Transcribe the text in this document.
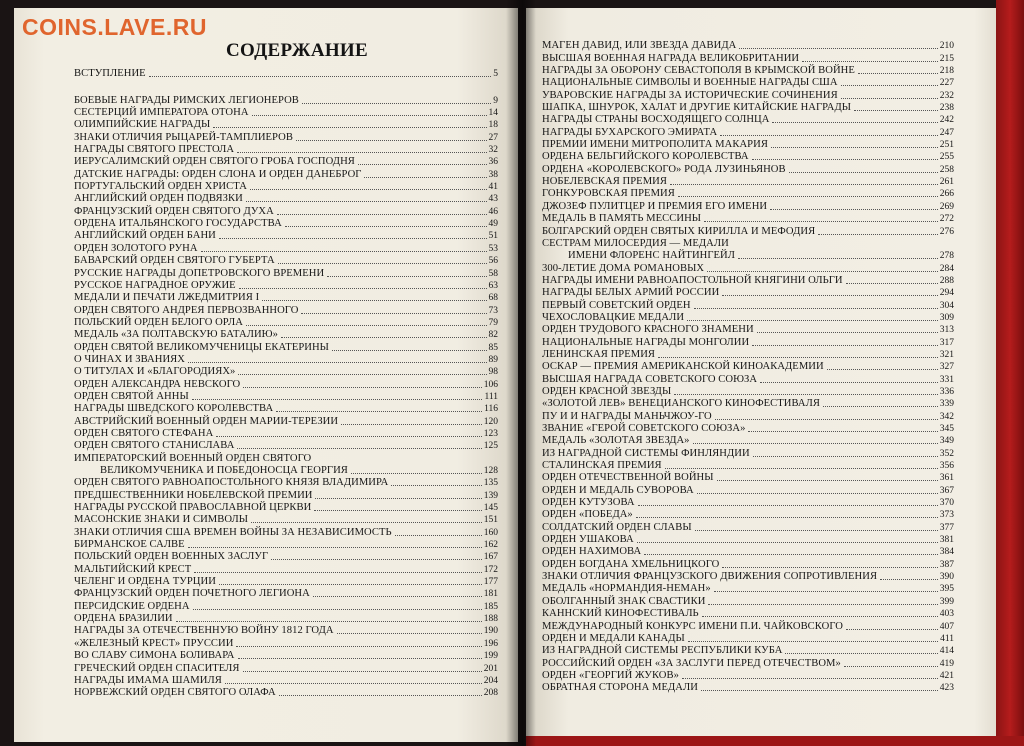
COINS.LAVE.RU
СОДЕРЖАНИЕ
ВСТУПЛЕНИЕ	5
БОЕВЫЕ НАГРАДЫ РИМСКИХ ЛЕГИОНЕРОВ	9
СЕСТЕРЦИЙ ИМПЕРАТОРА ОТОНА	14
ОЛИМПИЙСКИЕ НАГРАДЫ	18
ЗНАКИ ОТЛИЧИЯ РЫЦАРЕЙ-ТАМПЛИЕРОВ	27
НАГРАДЫ СВЯТОГО ПРЕСТОЛА	32
ИЕРУСАЛИМСКИЙ ОРДЕН СВЯТОГО ГРОБА ГОСПОДНЯ	36
ДАТСКИЕ НАГРАДЫ: ОРДЕН СЛОНА И ОРДЕН ДАНЕБРОГ	38
ПОРТУГАЛЬСКИЙ ОРДЕН ХРИСТА	41
АНГЛИЙСКИЙ ОРДЕН ПОДВЯЗКИ	43
ФРАНЦУЗСКИЙ ОРДЕН СВЯТОГО ДУХА	46
ОРДЕНА ИТАЛЬЯНСКОГО ГОСУДАРСТВА	49
АНГЛИЙСКИЙ ОРДЕН БАНИ	51
ОРДЕН ЗОЛОТОГО РУНА	53
БАВАРСКИЙ ОРДЕН СВЯТОГО ГУБЕРТА	56
РУССКИЕ НАГРАДЫ ДОПЕТРОВСКОГО ВРЕМЕНИ	58
РУССКОЕ НАГРАДНОЕ ОРУЖИЕ	63
МЕДАЛИ И ПЕЧАТИ ЛЖЕДМИТРИЯ I	68
ОРДЕН СВЯТОГО АНДРЕЯ ПЕРВОЗВАННОГО	73
ПОЛЬСКИЙ ОРДЕН БЕЛОГО ОРЛА	79
МЕДАЛЬ «ЗА ПОЛТАВСКУЮ БАТАЛИЮ»	82
ОРДЕН СВЯТОЙ ВЕЛИКОМУЧЕНИЦЫ ЕКАТЕРИНЫ	85
О ЧИНАХ И ЗВАНИЯХ	89
О ТИТУЛАХ И «БЛАГОРОДИЯХ»	98
ОРДЕН АЛЕКСАНДРА НЕВСКОГО	106
ОРДЕН СВЯТОЙ АННЫ	111
НАГРАДЫ ШВЕДСКОГО КОРОЛЕВСТВА	116
АВСТРИЙСКИЙ ВОЕННЫЙ ОРДЕН МАРИИ-ТЕРЕЗИИ	120
ОРДЕН СВЯТОГО СТЕФАНА	123
ОРДЕН СВЯТОГО СТАНИСЛАВА	125
ИМПЕРАТОРСКИЙ ВОЕННЫЙ ОРДЕН СВЯТОГО
ВЕЛИКОМУЧЕНИКА И ПОБЕДОНОСЦА ГЕОРГИЯ	128
ОРДЕН СВЯТОГО РАВНОАПОСТОЛЬНОГО КНЯЗЯ ВЛАДИМИРА	135
ПРЕДШЕСТВЕННИКИ НОБЕЛЕВСКОЙ ПРЕМИИ	139
НАГРАДЫ РУССКОЙ ПРАВОСЛАВНОЙ ЦЕРКВИ	145
МАСОНСКИЕ ЗНАКИ И СИМВОЛЫ	151
ЗНАКИ ОТЛИЧИЯ США ВРЕМЕН ВОЙНЫ ЗА НЕЗАВИСИМОСТЬ	160
БИРМАНСКОЕ САЛВЕ	162
ПОЛЬСКИЙ ОРДЕН ВОЕННЫХ ЗАСЛУГ	167
МАЛЬТИЙСКИЙ КРЕСТ	172
ЧЕЛЕНГ И ОРДЕНА ТУРЦИИ	177
ФРАНЦУЗСКИЙ ОРДЕН ПОЧЕТНОГО ЛЕГИОНА	181
ПЕРСИДСКИЕ ОРДЕНА	185
ОРДЕНА БРАЗИЛИИ	188
НАГРАДЫ ЗА ОТЕЧЕСТВЕННУЮ ВОЙНУ 1812 ГОДА	190
«ЖЕЛЕЗНЫЙ КРЕСТ» ПРУССИИ	196
ВО СЛАВУ СИМОНА БОЛИВАРА	199
ГРЕЧЕСКИЙ ОРДЕН СПАСИТЕЛЯ	201
НАГРАДЫ ИМАМА ШАМИЛЯ	204
НОРВЕЖСКИЙ ОРДЕН СВЯТОГО ОЛАФА	208
МАГЕН ДАВИД, ИЛИ ЗВЕЗДА ДАВИДА	210
ВЫСШАЯ ВОЕННАЯ НАГРАДА ВЕЛИКОБРИТАНИИ	215
НАГРАДЫ ЗА ОБОРОНУ СЕВАСТОПОЛЯ В КРЫМСКОЙ ВОЙНЕ	218
НАЦИОНАЛЬНЫЕ СИМВОЛЫ И ВОЕННЫЕ НАГРАДЫ США	227
УВАРОВСКИЕ НАГРАДЫ ЗА ИСТОРИЧЕСКИЕ СОЧИНЕНИЯ	232
ШАПКА, ШНУРОК, ХАЛАТ И ДРУГИЕ КИТАЙСКИЕ НАГРАДЫ	238
НАГРАДЫ СТРАНЫ ВОСХОДЯЩЕГО СОЛНЦА	242
НАГРАДЫ БУХАРСКОГО ЭМИРАТА	247
ПРЕМИИ ИМЕНИ МИТРОПОЛИТА МАКАРИЯ	251
ОРДЕНА БЕЛЬГИЙСКОГО КОРОЛЕВСТВА	255
ОРДЕНА «КОРОЛЕВСКОГО» РОДА ЛУЗИНЬЯНОВ	258
НОБЕЛЕВСКАЯ ПРЕМИЯ	261
ГОНКУРОВСКАЯ ПРЕМИЯ	266
ДЖОЗЕФ ПУЛИТЦЕР И ПРЕМИЯ ЕГО ИМЕНИ	269
МЕДАЛЬ В ПАМЯТЬ МЕССИНЫ	272
БОЛГАРСКИЙ ОРДЕН СВЯТЫХ КИРИЛЛА И МЕФОДИЯ	276
СЕСТРАМ МИЛОСЕРДИЯ — МЕДАЛИ
ИМЕНИ ФЛОРЕНС НАЙТИНГЕЙЛ	278
300-ЛЕТИЕ ДОМА РОМАНОВЫХ	284
НАГРАДЫ ИМЕНИ РАВНОАПОСТОЛЬНОЙ КНЯГИНИ ОЛЬГИ	288
НАГРАДЫ БЕЛЫХ АРМИЙ РОССИИ	294
ПЕРВЫЙ СОВЕТСКИЙ ОРДЕН	304
ЧЕХОСЛОВАЦКИЕ МЕДАЛИ	309
ОРДЕН ТРУДОВОГО КРАСНОГО ЗНАМЕНИ	313
НАЦИОНАЛЬНЫЕ НАГРАДЫ МОНГОЛИИ	317
ЛЕНИНСКАЯ ПРЕМИЯ	321
ОСКАР — ПРЕМИЯ АМЕРИКАНСКОЙ КИНОАКАДЕМИИ	327
ВЫСШАЯ НАГРАДА СОВЕТСКОГО СОЮЗА	331
ОРДЕН КРАСНОЙ ЗВЕЗДЫ	336
«ЗОЛОТОЙ ЛЕВ» ВЕНЕЦИАНСКОГО КИНОФЕСТИВАЛЯ	339
ПУ И И НАГРАДЫ МАНЬЧЖОУ-ГО	342
ЗВАНИЕ «ГЕРОЙ СОВЕТСКОГО СОЮЗА»	345
МЕДАЛЬ «ЗОЛОТАЯ ЗВЕЗДА»	349
ИЗ НАГРАДНОЙ СИСТЕМЫ ФИНЛЯНДИИ	352
СТАЛИНСКАЯ ПРЕМИЯ	356
ОРДЕН ОТЕЧЕСТВЕННОЙ ВОЙНЫ	361
ОРДЕН И МЕДАЛЬ СУВОРОВА	367
ОРДЕН КУТУЗОВА	370
ОРДЕН «ПОБЕДА»	373
СОЛДАТСКИЙ ОРДЕН СЛАВЫ	377
ОРДЕН УШАКОВА	381
ОРДЕН НАХИМОВА	384
ОРДЕН БОГДАНА ХМЕЛЬНИЦКОГО	387
ЗНАКИ ОТЛИЧИЯ ФРАНЦУЗСКОГО ДВИЖЕНИЯ СОПРОТИВЛЕНИЯ	390
МЕДАЛЬ «НОРМАНДИЯ-НЕМАН»	395
ОБОЛГАННЫЙ ЗНАК СВАСТИКИ	399
КАННСКИЙ КИНОФЕСТИВАЛЬ	403
МЕЖДУНАРОДНЫЙ КОНКУРС ИМЕНИ П.И. ЧАЙКОВСКОГО	407
ОРДЕН И МЕДАЛИ КАНАДЫ	411
ИЗ НАГРАДНОЙ СИСТЕМЫ РЕСПУБЛИКИ КУБА	414
РОССИЙСКИЙ ОРДЕН «ЗА ЗАСЛУГИ ПЕРЕД ОТЕЧЕСТВОМ»	419
ОРДЕН «ГЕОРГИЙ ЖУКОВ»	421
ОБРАТНАЯ СТОРОНА МЕДАЛИ	423
